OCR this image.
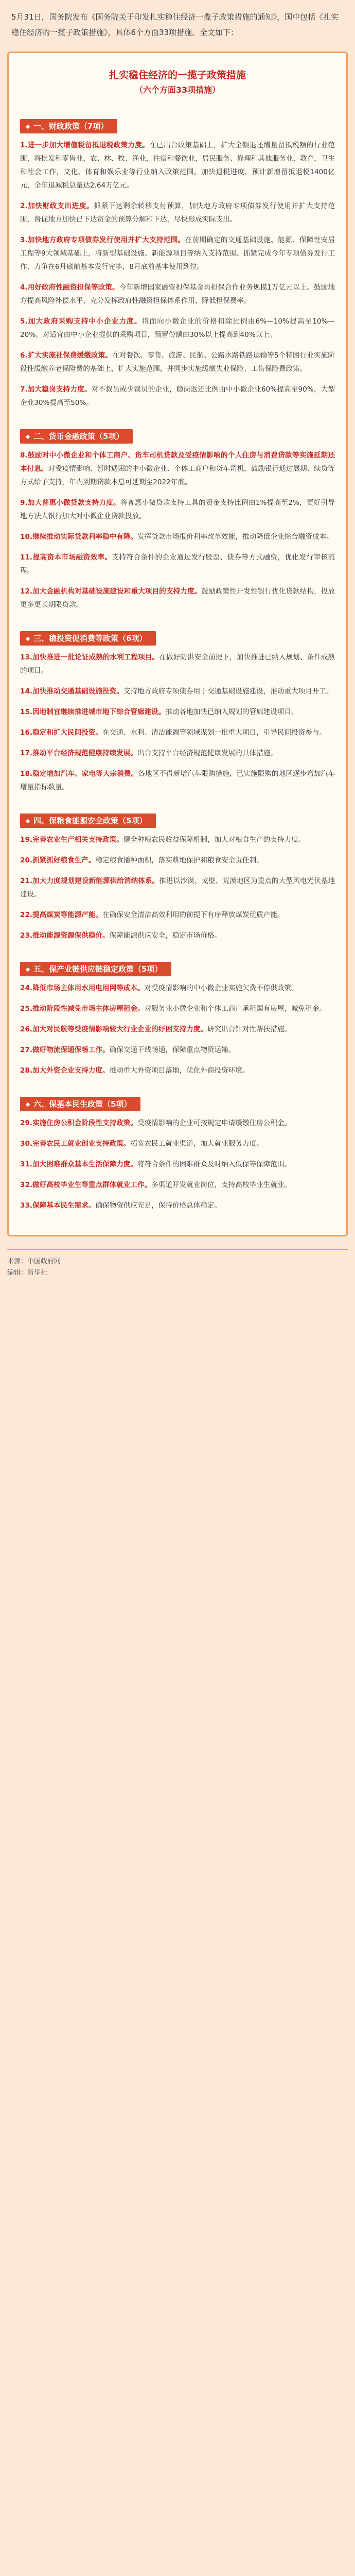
5月31日，国务院发布《国务院关于印发扎实稳住经济一揽子政策措施的通知》，国中包括《扎实稳住经济的一揽子政策措施》，具体6个方面33项措施。全文如下：
扎实稳住经济的一揽子政策措施
（六个方面33项措施）
一、财政政策（7项）
1.进一步加大增值税留抵退税政策力度。在已出台政策基础上，扩大全额退还增量留抵税额的行业范围，将批发和零售业，农、林、牧、渔业，住宿和餐饮业，居民服务、修理和其他服务业，教育，卫生和社会工作，文化、体育和娱乐业等行业纳入政策范围。加快退税进度，预计新增留抵退税1400亿元，全年退减税总量达2.64万亿元。
2.加快财政支出进度。抓紧下达剩余转移支付预算，加快地方政府专项债券发行使用并扩大支持范围，督促地方加快已下达资金的预算分解和下达，尽快形成实际支出。
3.加快地方政府专项债券发行使用并扩大支持范围。在前期确定的交通基础设施、能源、保障性安居工程等9大领域基础上，将新型基础设施、新能源项目等纳入支持范围。抓紧完成今年专项债券发行工作，力争在6月底前基本发行完毕，8月底前基本使用到位。
4.用好政府性融资担保等政策。今年新增国家融资担保基金再担保合作业务规模1万亿元以上。鼓励地方提高风险补偿水平，充分发挥政府性融资担保体系作用，降低担保费率。
5.加大政府采购支持中小企业力度。将面向小微企业的价格扣除比例由6%—10%提高至10%—20%。对适宜由中小企业提供的采购项目，预留份额由30%以上提高到40%以上。
6.扩大实施社保费缓缴政策。在对餐饮、零售、旅游、民航、公路水路铁路运输等5个特困行业实施阶段性缓缴养老保险费的基础上，扩大实施范围，并同步实施缓缴失业保险、工伤保险费政策。
7.加大稳岗支持力度。对不裁员或少裁员的企业，稳岗返还比例由中小微企业60%提高至90%，大型企业30%提高至50%。
二、货币金融政策（5项）
8.鼓励对中小微企业和个体工商户、货车司机贷款及受疫情影响的个人住房与消费贷款等实施延期还本付息。对受疫情影响、暂时遇困的中小微企业、个体工商户和货车司机，鼓励银行通过展期、续贷等方式给予支持，年内到期贷款本息可延期至2022年底。
9.加大普惠小微贷款支持力度。将普惠小微贷款支持工具的资金支持比例由1%提高至2%，更好引导地方法人银行加大对小微企业贷款投放。
10.继续推动实际贷款利率稳中有降。发挥贷款市场报价利率改革效能，推动降低企业综合融资成本。
11.提高资本市场融资效率。支持符合条件的企业通过发行股票、债券等方式融资，优化发行审核流程。
12.加大金融机构对基础设施建设和重大项目的支持力度。鼓励政策性开发性银行优化贷款结构，投放更多更长期限贷款。
三、稳投资促消费等政策（6项）
13.加快推进一批论证成熟的水利工程项目。在做好防洪安全前提下，加快推进已纳入规划、条件成熟的项目。
14.加快推动交通基础设施投资。支持地方政府专项债券用于交通基础设施建设，推动重大项目开工。
15.因地制宜继续推进城市地下综合管廊建设。推动各地加快已纳入规划的管廊建设项目。
16.稳定和扩大民间投资。在交通、水利、清洁能源等领域谋划一批重大项目，引导民间投资参与。
17.推动平台经济规范健康持续发展。出台支持平台经济规范健康发展的具体措施。
18.稳定增加汽车、家电等大宗消费。各地区不得新增汽车限购措施，已实施限购的地区逐步增加汽车增量指标数量。
四、保粮食能源安全政策（5项）
19.完善农业生产相关支持政策。健全种粮农民收益保障机制，加大对粮食生产的支持力度。
20.抓紧抓好粮食生产。稳定粮食播种面积，落实耕地保护和粮食安全责任制。
21.加大力度规划建设新能源供给消纳体系。推进以沙漠、戈壁、荒漠地区为重点的大型风电光伏基地建设。
22.提高煤炭等能源产能。在确保安全清洁高效利用的前提下有序释放煤炭优质产能。
23.推动能源资源保供稳价。保障能源供应安全，稳定市场价格。
五、保产业链供应链稳定政策（5项）
24.降低市场主体用水用电用网等成本。对受疫情影响的中小微企业实施欠费不停供政策。
25.推动阶段性减免市场主体房屋租金。对服务业小微企业和个体工商户承租国有房屋，减免租金。
26.加大对民航等受疫情影响较大行业企业的纾困支持力度。研究出台针对性帮扶措施。
27.做好物流保通保畅工作。确保交通干线畅通，保障重点物资运输。
28.加大外资企业支持力度。推动重大外资项目落地，优化外商投资环境。
六、保基本民生政策（5项）
29.实施住房公积金阶段性支持政策。受疫情影响的企业可按规定申请缓缴住房公积金。
30.完善农民工就业创业支持政策。拓宽农民工就业渠道，加大就业服务力度。
31.加大困难群众基本生活保障力度。将符合条件的困难群众及时纳入低保等保障范围。
32.做好高校毕业生等重点群体就业工作。多渠道开发就业岗位，支持高校毕业生就业。
33.保障基本民生需求。确保物资供应充足，保持价格总体稳定。
来源：中国政府网
编辑：新华社
